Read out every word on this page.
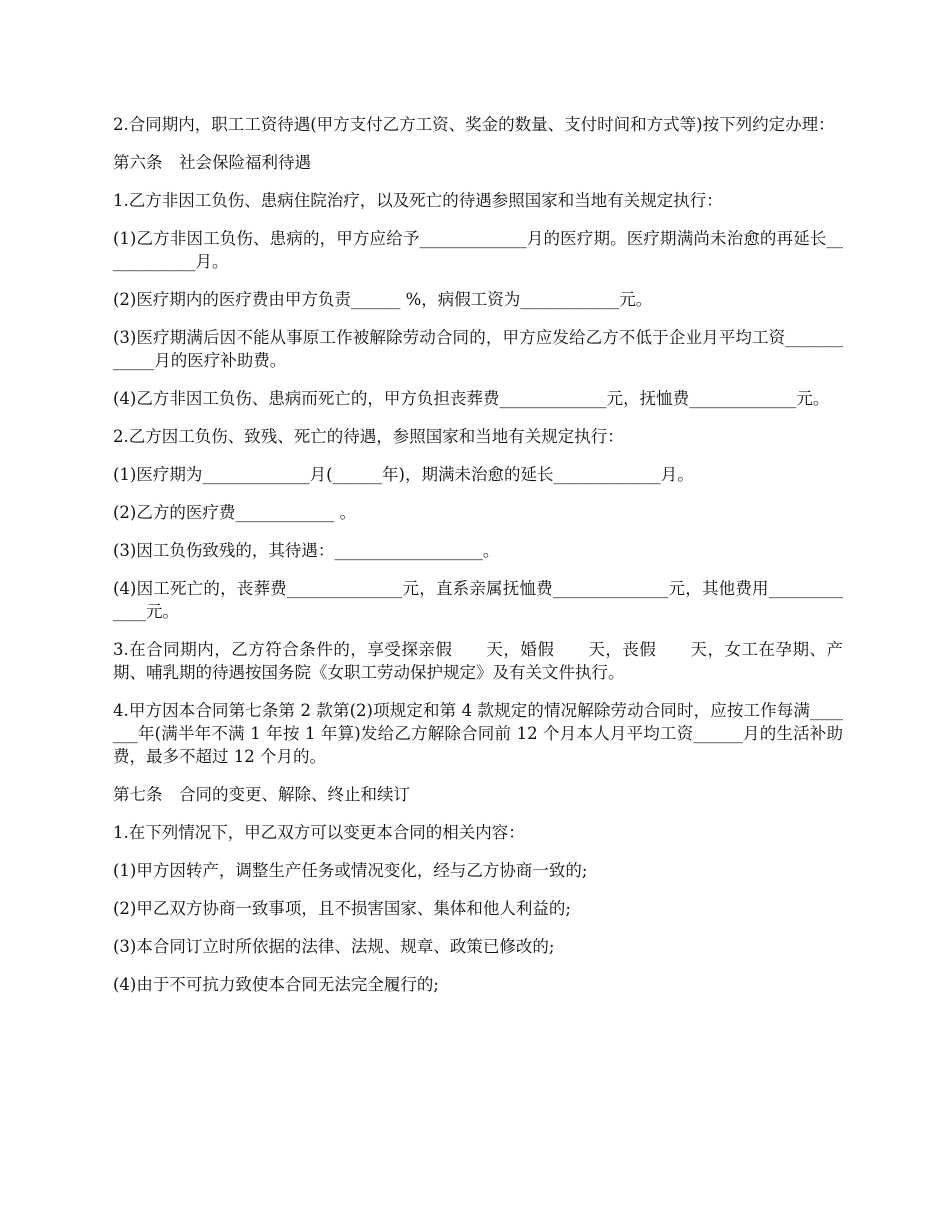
2.合同期内，职工工资待遇(甲方支付乙方工资、奖金的数量、支付时间和方式等)按下列约定办理：

第六条　社会保险福利待遇

1.乙方非因工负伤、患病住院治疗，以及死亡的待遇参照国家和当地有关规定执行：

(1)乙方非因工负伤、患病的，甲方应给予_____________月的医疗期。医疗期满尚未治愈的再延长____________月。

(2)医疗期内的医疗费由甲方负责______ %，病假工资为____________元。

(3)医疗期满后因不能从事原工作被解除劳动合同的，甲方应发给乙方不低于企业月平均工资____________月的医疗补助费。

(4)乙方非因工负伤、患病而死亡的，甲方负担丧葬费_____________元，抚恤费_____________元。

2.乙方因工负伤、致残、死亡的待遇，参照国家和当地有关规定执行：

(1)医疗期为_____________月(______年)，期满未治愈的延长_____________月。

(2)乙方的医疗费____________ 。

(3)因工负伤致残的，其待遇：__________________。

(4)因工死亡的，丧葬费______________元，直系亲属抚恤费______________元，其他费用_____________元。

3.在合同期内，乙方符合条件的，享受探亲假　　天，婚假　　天，丧假　　天，女工在孕期、产期、哺乳期的待遇按国务院《女职工劳动保护规定》及有关文件执行。

4.甲方因本合同第七条第 2 款第(2)项规定和第 4 款规定的情况解除劳动合同时，应按工作每满_______年(满半年不满 1 年按 1 年算)发给乙方解除合同前 12 个月本人月平均工资______月的生活补助费，最多不超过 12 个月的。

第七条　合同的变更、解除、终止和续订

1.在下列情况下，甲乙双方可以变更本合同的相关内容：

(1)甲方因转产，调整生产任务或情况变化，经与乙方协商一致的;

(2)甲乙双方协商一致事项，且不损害国家、集体和他人利益的;

(3)本合同订立时所依据的法律、法规、规章、政策已修改的;

(4)由于不可抗力致使本合同无法完全履行的;
